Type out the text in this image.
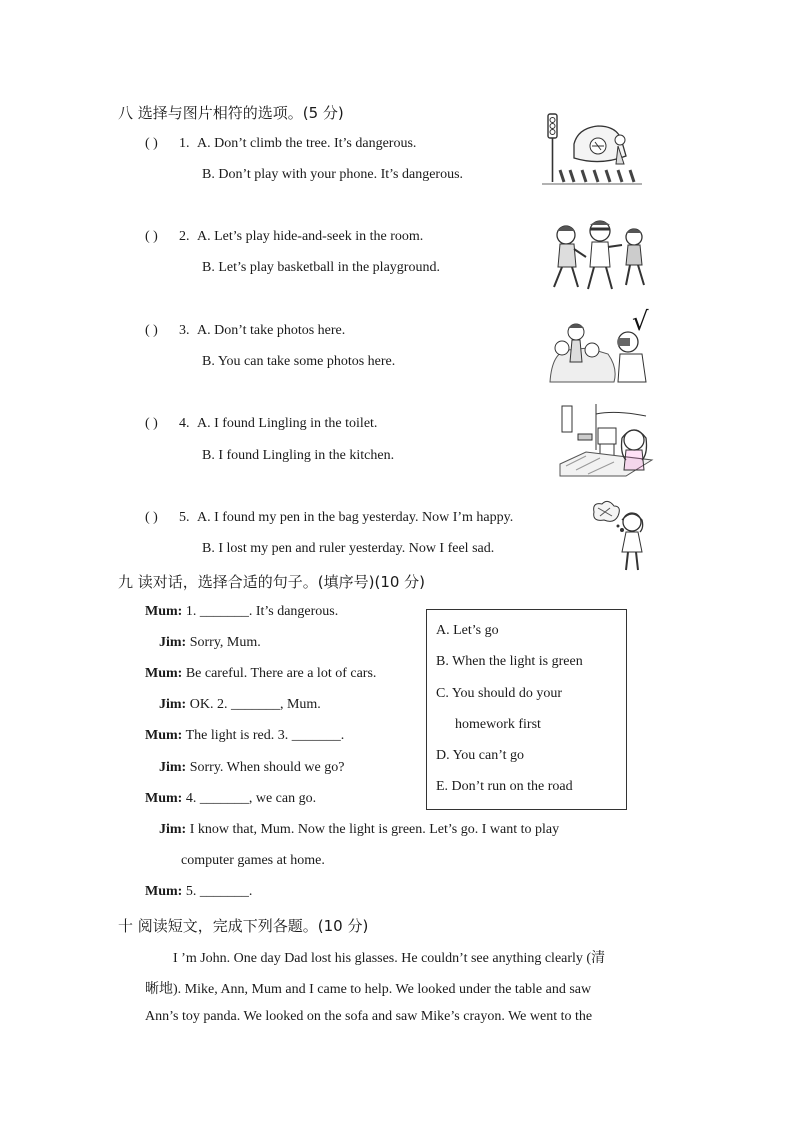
八 选择与图片相符的选项。(5 分)
( ) 1. A. Don’t climb the tree. It’s dangerous.
B. Don’t play with your phone. It’s dangerous.
( ) 2. A. Let’s play hide-and-seek in the room.
B. Let’s play basketball in the playground.
( ) 3. A. Don’t take photos here.
B. You can take some photos here.
( ) 4. A. I found Lingling in the toilet.
B. I found Lingling in the kitchen.
( ) 5. A. I found my pen in the bag yesterday. Now I’m happy.
B. I lost my pen and ruler yesterday. Now I feel sad.
√
九 读对话，选择合适的句子。(填序号)(10 分)
Mum: 1. _______. It’s dangerous.
Jim: Sorry, Mum.
Mum: Be careful. There are a lot of cars.
Jim: OK. 2. _______, Mum.
Mum: The light is red. 3. _______.
Jim: Sorry. When should we go?
Mum: 4. _______, we can go.
Jim: I know that, Mum. Now the light is green. Let’s go. I want to play
computer games at home.
Mum: 5. _______.
A. Let’s go
B. When the light is green
C. You should do your
homework first
D. You can’t go
E. Don’t run on the road
十 阅读短文，完成下列各题。(10 分)
I ’m John. One day Dad lost his glasses. He couldn’t see anything clearly (清
晰地). Mike, Ann, Mum and I came to help. We looked under the table and saw
Ann’s toy panda. We looked on the sofa and saw Mike’s crayon. We went to the
